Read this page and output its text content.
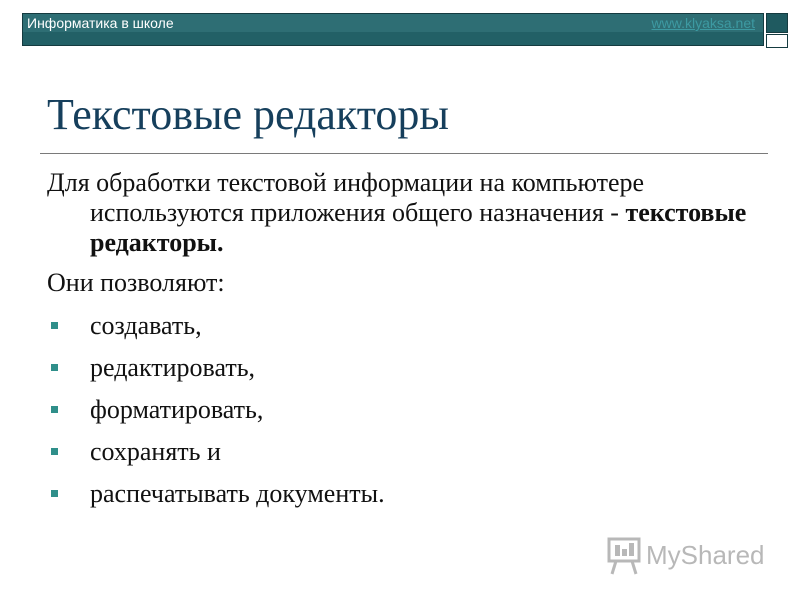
Информатика в школе	www.klyaksa.net
Текстовые редакторы

Для обработки текстовой информации на компьютере используются приложения общего назначения - текстовые редакторы.

Они позволяют:

создавать,
редактировать,
форматировать,
сохранять и
распечатывать документы.
MyShared
